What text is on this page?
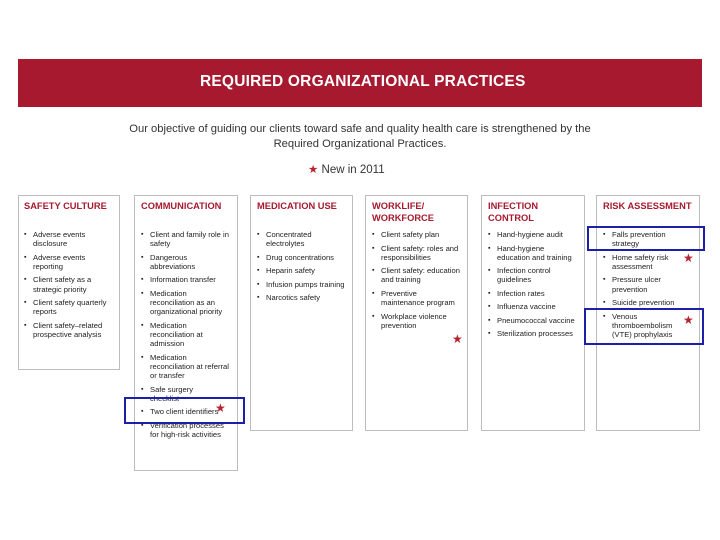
REQUIRED ORGANIZATIONAL PRACTICES
Our objective of guiding our clients toward safe and quality health care is strengthened by the
Required Organizational Practices.
★ New in 2011
SAFETY CULTURE	COMMUNICATION	MEDICATION USE	WORKLIFE/
WORKFORCE
INFECTION
CONTROL
RISK ASSESSMENT
▪ Adverse events disclosure
▪ Adverse events reporting
▪ Client safety as a strategic priority
▪ Client safety quarterly reports
▪ Client safety–related prospective analysis
▪ Client and family role in safety
▪ Dangerous abbreviations
▪ Information transfer
▪ Medication reconciliation as an organizational priority
▪ Medication reconciliation at admission
▪ Medication reconciliation at referral or transfer
▪ Safe surgery checklist
▪ Two client identifiers
▪ Verification processes for high-risk activities
▪ Concentrated electrolytes
▪ Drug concentrations
▪ Heparin safety
▪ Infusion pumps training
▪ Narcotics safety
▪ Client safety plan
▪ Client safety: roles and responsibilities
▪ Client safety: education and training
▪ Preventive maintenance program
▪ Workplace violence prevention
▪ Hand-hygiene audit
▪ Hand-hygiene education and training
▪ Infection control guidelines
▪ Infection rates
▪ Influenza vaccine
▪ Pneumococcal vaccine
▪ Sterilization processes
▪ Falls prevention strategy
▪ Home safety risk assessment
▪ Pressure ulcer prevention
▪ Suicide prevention
▪ Venous thromboembolism (VTE) prophylaxis
★
★
★
★
